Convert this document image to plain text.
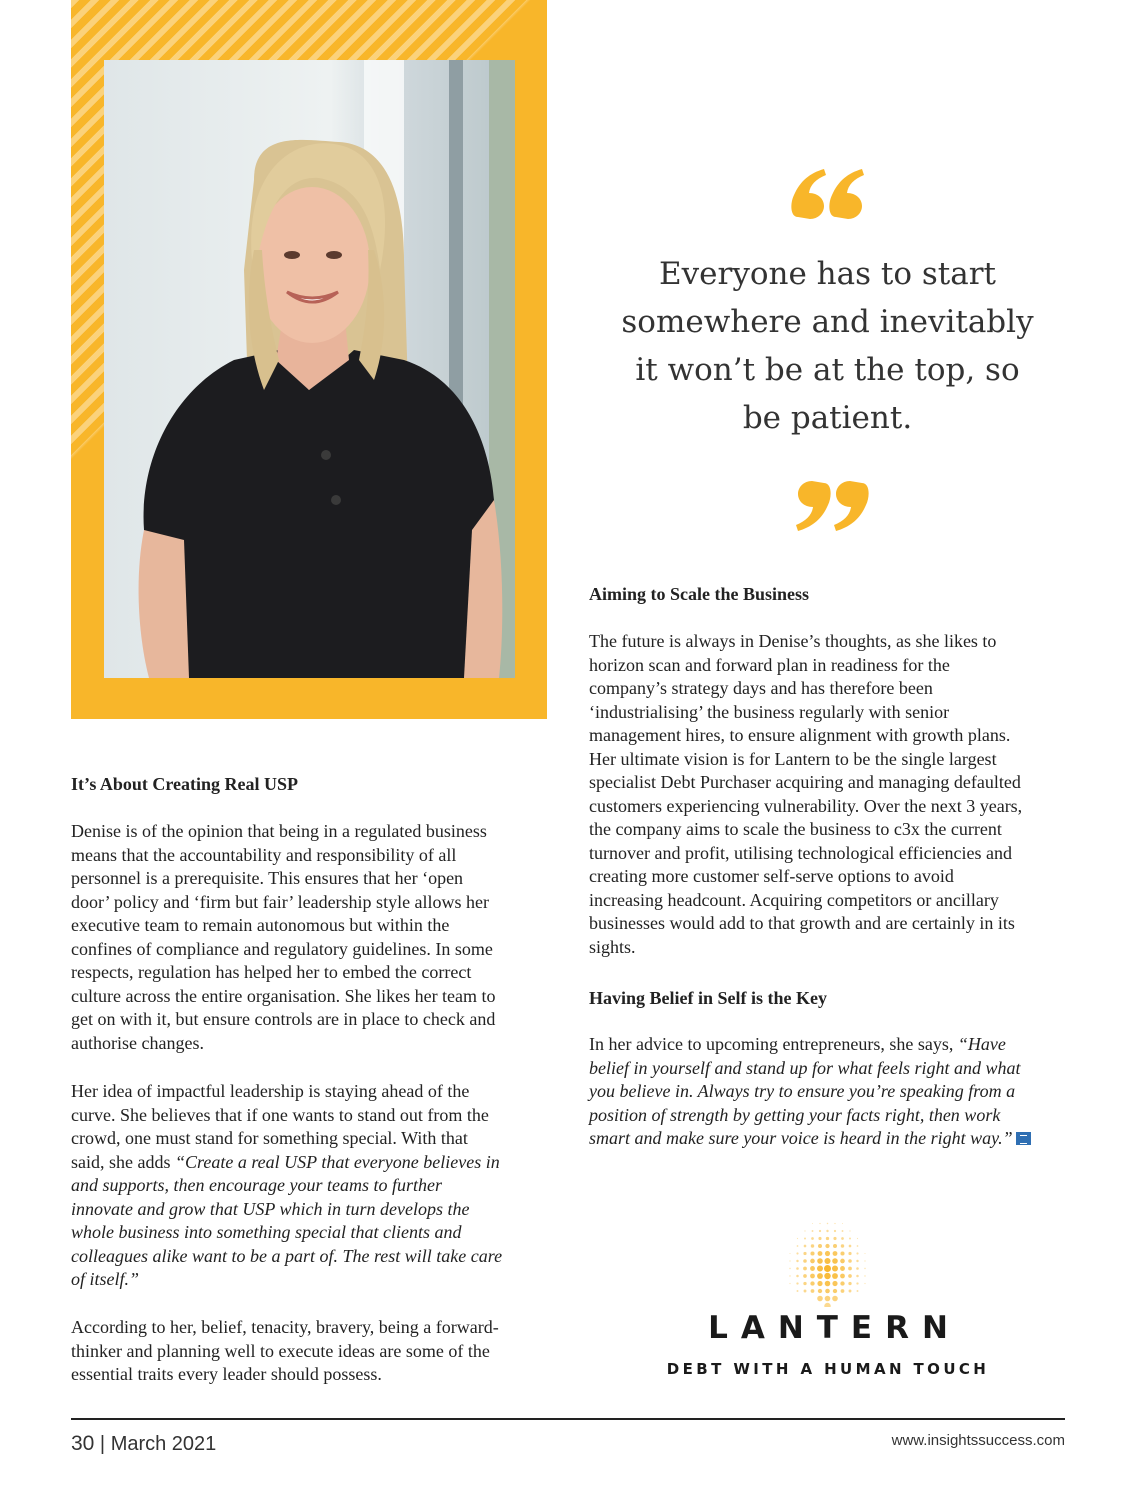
Everyone has to start
somewhere and inevitably
it won’t be at the top, so
be patient.
Aiming to Scale the Business
The future is always in Denise’s thoughts, as she likes to
horizon scan and forward plan in readiness for the
company’s strategy days and has therefore been
‘industrialising’ the business regularly with senior
management hires, to ensure alignment with growth plans.
Her ultimate vision is for Lantern to be the single largest
specialist Debt Purchaser acquiring and managing defaulted
customers experiencing vulnerability. Over the next 3 years,
the company aims to scale the business to c3x the current
turnover and profit, utilising technological efficiencies and
creating more customer self-serve options to avoid
increasing headcount. Acquiring competitors or ancillary
businesses would add to that growth and are certainly in its
sights.
Having Belief in Self is the Key
In her advice to upcoming entrepreneurs, she says, “Have
belief in yourself and stand up for what feels right and what
you believe in. Always try to ensure you’re speaking from a
position of strength by getting your facts right, then work
smart and make sure your voice is heard in the right way.”
It’s About Creating Real USP
Denise is of the opinion that being in a regulated business
means that the accountability and responsibility of all
personnel is a prerequisite. This ensures that her ‘open
door’ policy and ‘firm but fair’ leadership style allows her
executive team to remain autonomous but within the
confines of compliance and regulatory guidelines. In some
respects, regulation has helped her to embed the correct
culture across the entire organisation. She likes her team to
get on with it, but ensure controls are in place to check and
authorise changes.
Her idea of impactful leadership is staying ahead of the
curve. She believes that if one wants to stand out from the
crowd, one must stand for something special. With that
said, she adds “Create a real USP that everyone believes in
and supports, then encourage your teams to further
innovate and grow that USP which in turn develops the
whole business into something special that clients and
colleagues alike want to be a part of. The rest will take care
of itself.”
According to her, belief, tenacity, bravery, being a forward-
thinker and planning well to execute ideas are some of the
essential traits every leader should possess.
LANTERN
DEBT WITH A HUMAN TOUCH
30 | March 2021	www.insightssuccess.com
